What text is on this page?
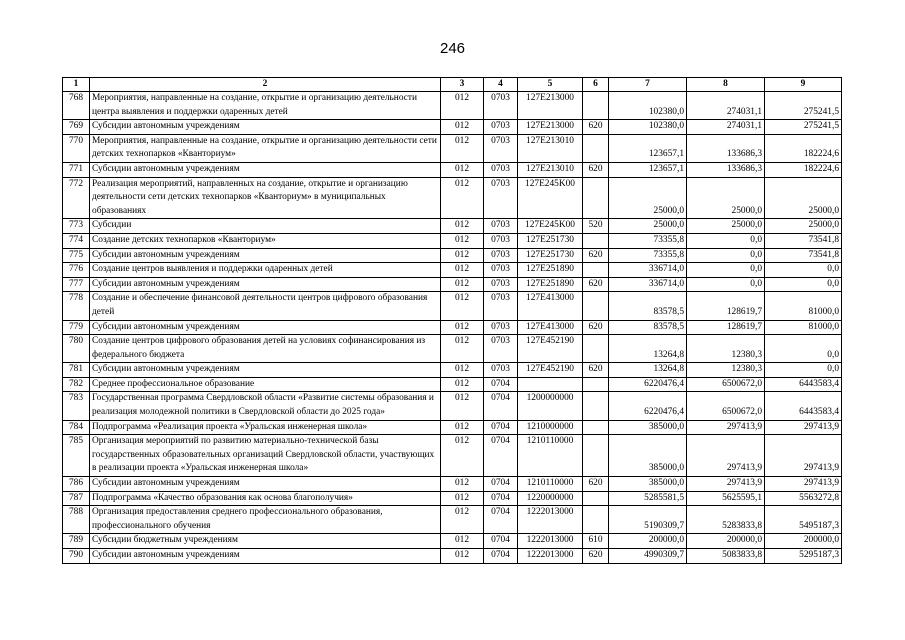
246
1	2	3	4	5	6	7	8	9
768	Мероприятия, направленные на создание, открытие и организацию деятельности центра выявления и поддержки одаренных детей	012	0703	127E213000		102380,0	274031,1	275241,5
769	Субсидии автономным учреждениям	012	0703	127E213000	620	102380,0	274031,1	275241,5
770	Мероприятия, направленные на создание, открытие и организацию деятельности сети детских технопарков «Кванториум»	012	0703	127E213010		123657,1	133686,3	182224,6
771	Субсидии автономным учреждениям	012	0703	127E213010	620	123657,1	133686,3	182224,6
772	Реализация мероприятий, направленных на создание, открытие и организацию деятельности сети детских технопарков «Кванториум» в муниципальных образованиях	012	0703	127E245K00		25000,0	25000,0	25000,0
773	Субсидии	012	0703	127E245K00	520	25000,0	25000,0	25000,0
774	Создание детских технопарков «Кванториум»	012	0703	127E251730		73355,8	0,0	73541,8
775	Субсидии автономным учреждениям	012	0703	127E251730	620	73355,8	0,0	73541,8
776	Создание центров выявления и поддержки одаренных детей	012	0703	127E251890		336714,0	0,0	0,0
777	Субсидии автономным учреждениям	012	0703	127E251890	620	336714,0	0,0	0,0
778	Создание и обеспечение финансовой деятельности центров цифрового образования детей	012	0703	127E413000		83578,5	128619,7	81000,0
779	Субсидии автономным учреждениям	012	0703	127E413000	620	83578,5	128619,7	81000,0
780	Создание центров цифрового образования детей на условиях софинансирования из федерального бюджета	012	0703	127E452190		13264,8	12380,3	0,0
781	Субсидии автономным учреждениям	012	0703	127E452190	620	13264,8	12380,3	0,0
782	Среднее профессиональное образование	012	0704			6220476,4	6500672,0	6443583,4
783	Государственная программа Свердловской области «Развитие системы образования и реализация молодежной политики в Свердловской области до 2025 года»	012	0704	1200000000		6220476,4	6500672,0	6443583,4
784	Подпрограмма «Реализация проекта «Уральская инженерная школа»	012	0704	1210000000		385000,0	297413,9	297413,9
785	Организация мероприятий по развитию материально-технической базы государственных образовательных организаций Свердловской области, участвующих в реализации проекта «Уральская инженерная школа»	012	0704	1210110000		385000,0	297413,9	297413,9
786	Субсидии автономным учреждениям	012	0704	1210110000	620	385000,0	297413,9	297413,9
787	Подпрограмма «Качество образования как основа благополучия»	012	0704	1220000000		5285581,5	5625595,1	5563272,8
788	Организация предоставления среднего профессионального образования, профессионального обучения	012	0704	1222013000		5190309,7	5283833,8	5495187,3
789	Субсидии бюджетным учреждениям	012	0704	1222013000	610	200000,0	200000,0	200000,0
790	Субсидии автономным учреждениям	012	0704	1222013000	620	4990309,7	5083833,8	5295187,3
